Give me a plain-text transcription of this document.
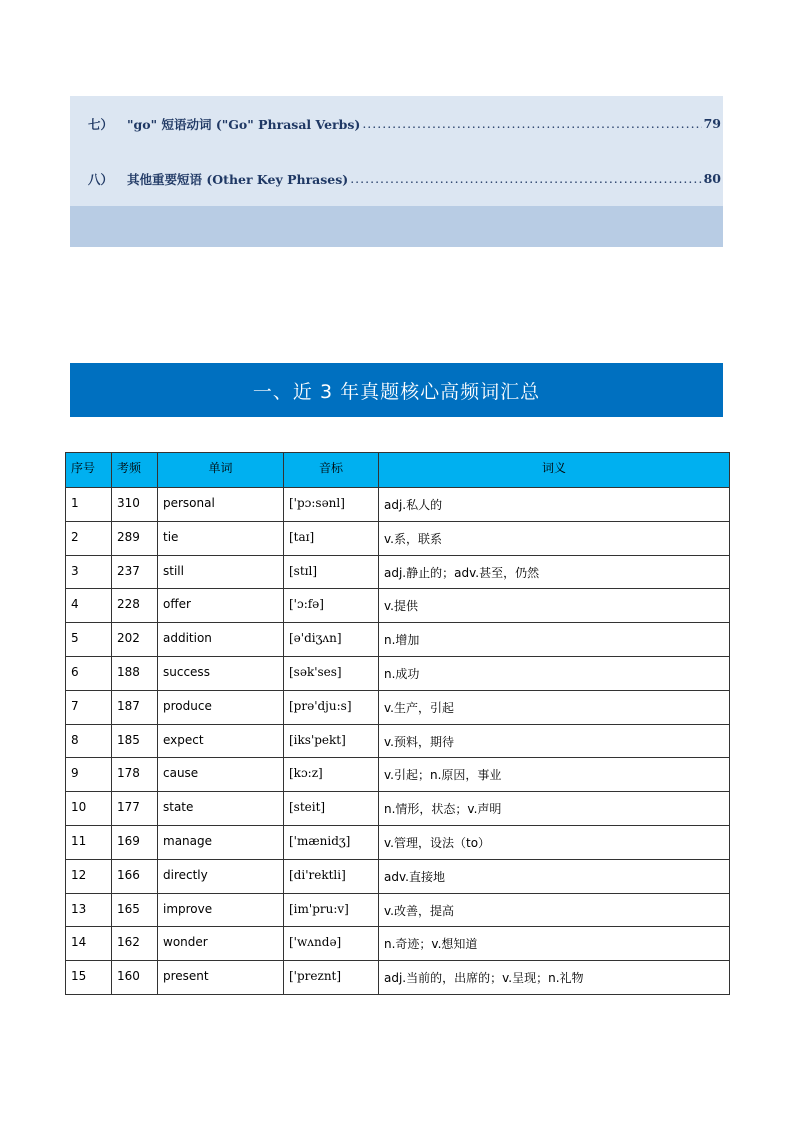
七） "go" 短语动词 ("Go" Phrasal Verbs) .....	79
八） 其他重要短语 (Other Key Phrases) .....	80
一、近 3 年真题核心高频词汇总
序号	考频	单词	音标	词义
1	310	personal	['pɔ:sənl]	adj.私人的
2	289	tie	[taɪ]	v.系，联系
3	237	still	[stɪl]	adj.静止的；adv.甚至，仍然
4	228	offer	['ɔ:fə]	v.提供
5	202	addition	[ə'diʒʌn]	n.增加
6	188	success	[sək'ses]	n.成功
7	187	produce	[prə'dju:s]	v.生产，引起
8	185	expect	[iks'pekt]	v.预料，期待
9	178	cause	[kɔ:z]	v.引起；n.原因，事业
10	177	state	[steit]	n.情形，状态；v.声明
11	169	manage	['mænidʒ]	v.管理，设法（to）
12	166	directly	[di'rektli]	adv.直接地
13	165	improve	[im'pru:v]	v.改善，提高
14	162	wonder	['wʌndə]	n.奇迹；v.想知道
15	160	present	['preznt]	adj.当前的，出席的；v.呈现；n.礼物
